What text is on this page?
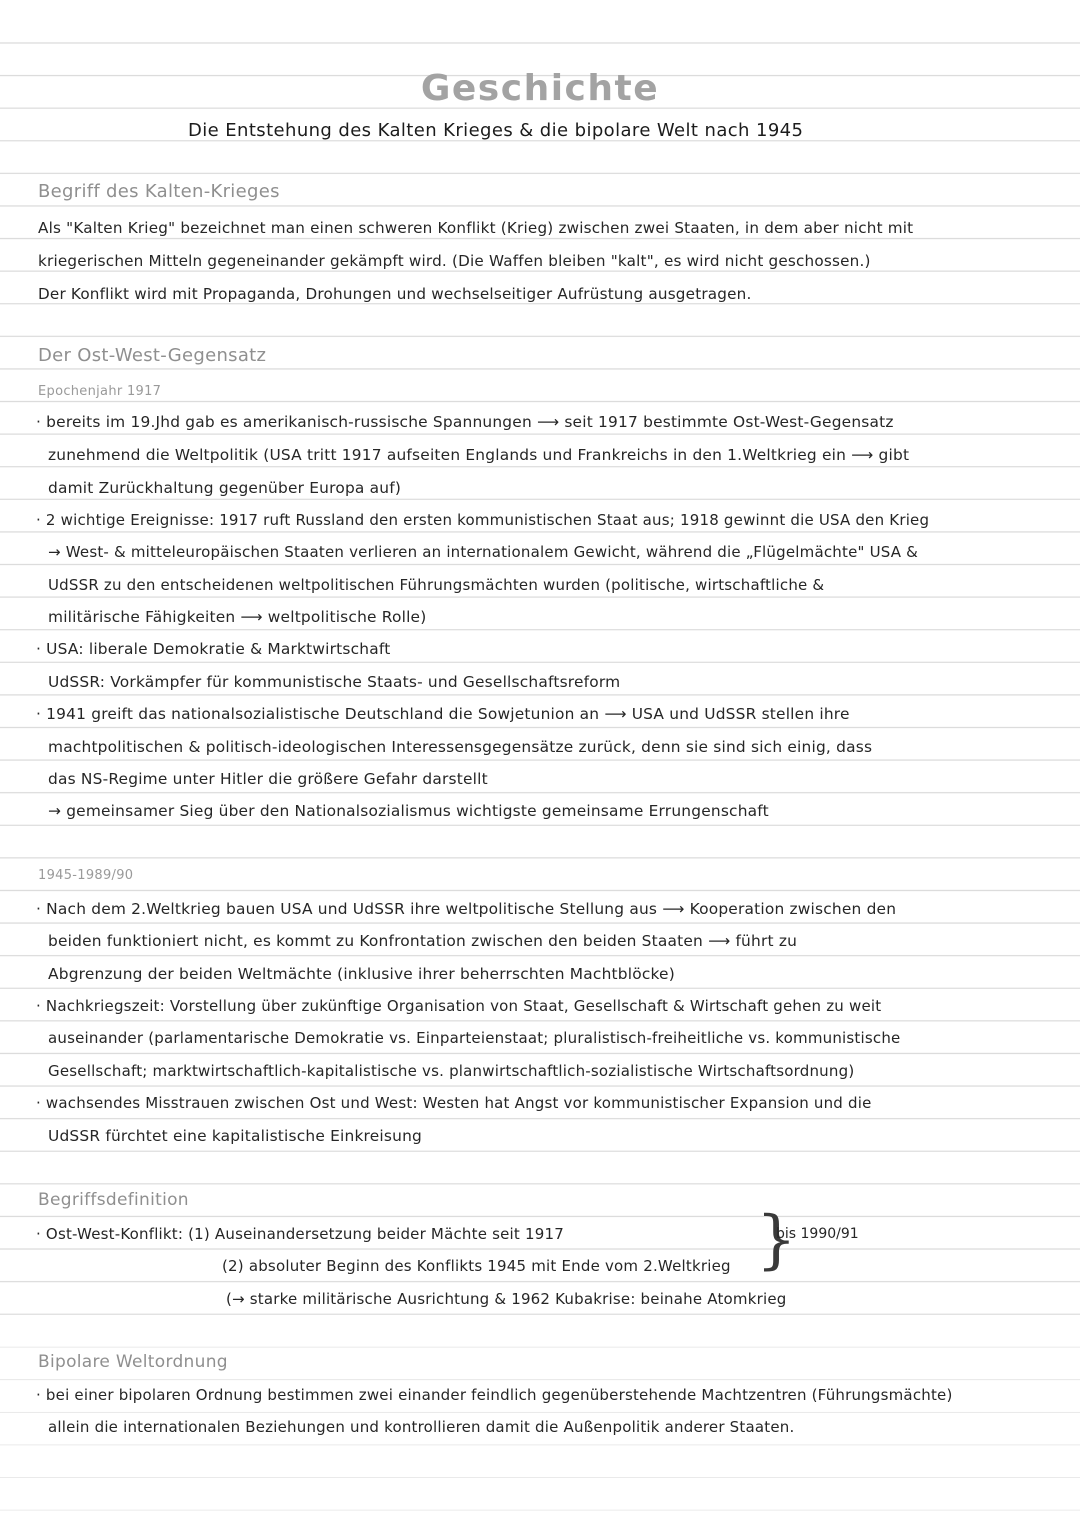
Geschichte
Die Entstehung des Kalten Krieges & die bipolare Welt nach 1945
Begriff des Kalten-Krieges
Als "Kalten Krieg" bezeichnet man einen schweren Konflikt (Krieg) zwischen zwei Staaten, in dem aber nicht mit
kriegerischen Mitteln gegeneinander gekämpft wird. (Die Waffen bleiben "kalt", es wird nicht geschossen.)
Der Konflikt wird mit Propaganda, Drohungen und wechselseitiger Aufrüstung ausgetragen.
Der Ost-West-Gegensatz
Epochenjahr 1917
· bereits im 19.Jhd gab es amerikanisch-russische Spannungen ⟶ seit 1917 bestimmte Ost-West-Gegensatz
zunehmend die Weltpolitik (USA tritt 1917 aufseiten Englands und Frankreichs in den 1.Weltkrieg ein ⟶ gibt
damit Zurückhaltung gegenüber Europa auf)
· 2 wichtige Ereignisse: 1917 ruft Russland den ersten kommunistischen Staat aus; 1918 gewinnt die USA den Krieg
→ West- & mitteleuropäischen Staaten verlieren an internationalem Gewicht, während die „Flügelmächte" USA &
UdSSR zu den entscheidenen weltpolitischen Führungsmächten wurden (politische, wirtschaftliche &
militärische Fähigkeiten ⟶ weltpolitische Rolle)
· USA: liberale Demokratie & Marktwirtschaft
UdSSR: Vorkämpfer für kommunistische Staats- und Gesellschaftsreform
· 1941 greift das nationalsozialistische Deutschland die Sowjetunion an ⟶ USA und UdSSR stellen ihre
machtpolitischen & politisch-ideologischen Interessensgegensätze zurück, denn sie sind sich einig, dass
das NS-Regime unter Hitler die größere Gefahr darstellt
→ gemeinsamer Sieg über den Nationalsozialismus wichtigste gemeinsame Errungenschaft
1945-1989/90
· Nach dem 2.Weltkrieg bauen USA und UdSSR ihre weltpolitische Stellung aus ⟶ Kooperation zwischen den
beiden funktioniert nicht, es kommt zu Konfrontation zwischen den beiden Staaten ⟶ führt zu
Abgrenzung der beiden Weltmächte (inklusive ihrer beherrschten Machtblöcke)
· Nachkriegszeit: Vorstellung über zukünftige Organisation von Staat, Gesellschaft & Wirtschaft gehen zu weit
auseinander (parlamentarische Demokratie vs. Einparteienstaat; pluralistisch-freiheitliche vs. kommunistische
Gesellschaft; marktwirtschaftlich-kapitalistische vs. planwirtschaftlich-sozialistische Wirtschaftsordnung)
· wachsendes Misstrauen zwischen Ost und West: Westen hat Angst vor kommunistischer Expansion und die
UdSSR fürchtet eine kapitalistische Einkreisung
Begriffsdefinition
· Ost-West-Konflikt: (1) Auseinandersetzung beider Mächte seit 1917
(2) absoluter Beginn des Konflikts 1945 mit Ende vom 2.Weltkrieg
(→ starke militärische Ausrichtung & 1962 Kubakrise: beinahe Atomkrieg
}
bis 1990/91
Bipolare Weltordnung
· bei einer bipolaren Ordnung bestimmen zwei einander feindlich gegenüberstehende Machtzentren (Führungsmächte)
allein die internationalen Beziehungen und kontrollieren damit die Außenpolitik anderer Staaten.
